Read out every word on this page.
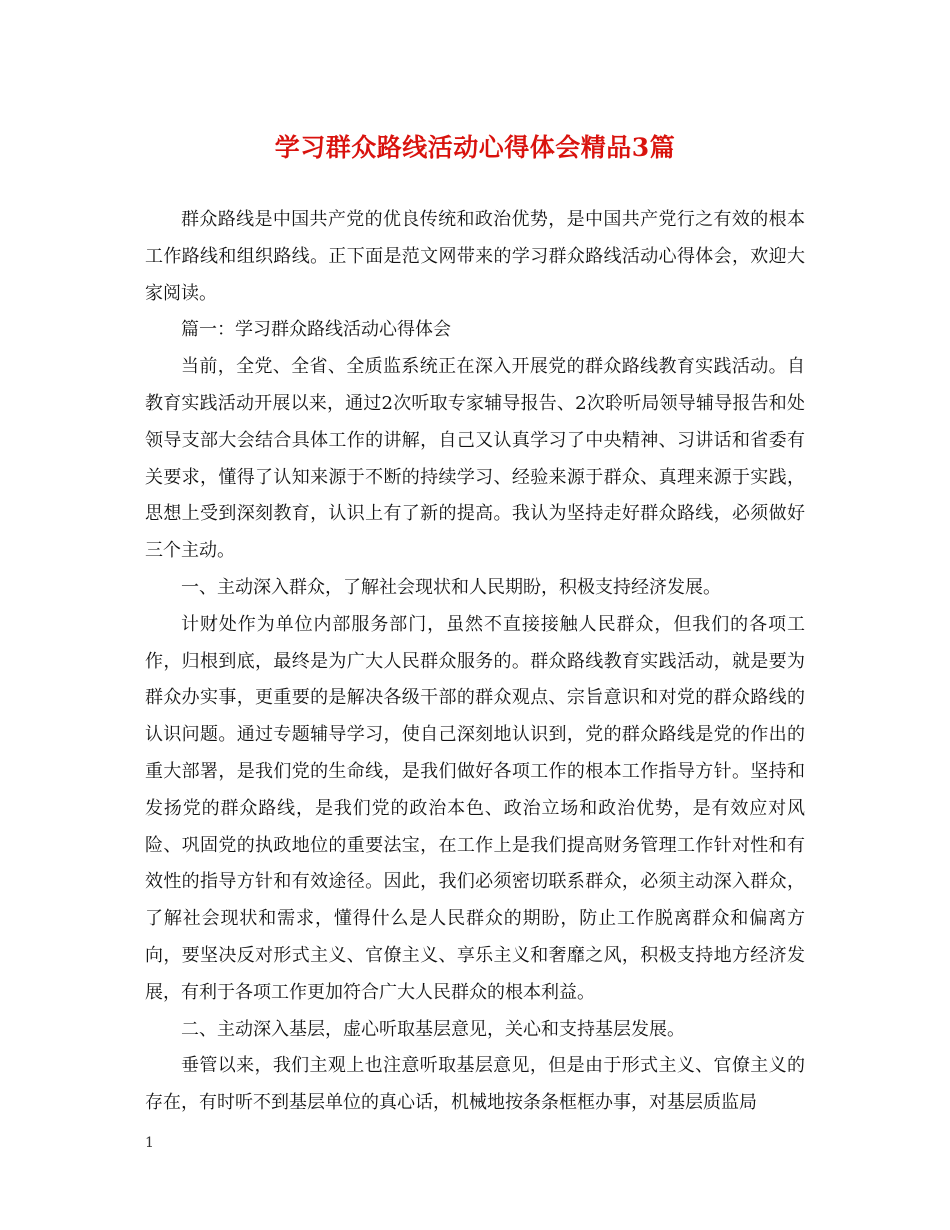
学习群众路线活动心得体会精品3篇

群众路线是中国共产党的优良传统和政治优势，是中国共产党行之有效的根本工作路线和组织路线。正下面是范文网带来的学习群众路线活动心得体会，欢迎大家阅读。

篇一：学习群众路线活动心得体会

当前，全党、全省、全质监系统正在深入开展党的群众路线教育实践活动。自教育实践活动开展以来，通过2次听取专家辅导报告、2次聆听局领导辅导报告和处领导支部大会结合具体工作的讲解，自己又认真学习了中央精神、习讲话和省委有关要求，懂得了认知来源于不断的持续学习、经验来源于群众、真理来源于实践，思想上受到深刻教育，认识上有了新的提高。我认为坚持走好群众路线，必须做好三个主动。

一、主动深入群众，了解社会现状和人民期盼，积极支持经济发展。

计财处作为单位内部服务部门，虽然不直接接触人民群众，但我们的各项工作，归根到底，最终是为广大人民群众服务的。群众路线教育实践活动，就是要为群众办实事，更重要的是解决各级干部的群众观点、宗旨意识和对党的群众路线的认识问题。通过专题辅导学习，使自己深刻地认识到，党的群众路线是党的作出的重大部署，是我们党的生命线，是我们做好各项工作的根本工作指导方针。坚持和发扬党的群众路线，是我们党的政治本色、政治立场和政治优势，是有效应对风险、巩固党的执政地位的重要法宝，在工作上是我们提高财务管理工作针对性和有效性的指导方针和有效途径。因此，我们必须密切联系群众，必须主动深入群众，了解社会现状和需求，懂得什么是人民群众的期盼，防止工作脱离群众和偏离方向，要坚决反对形式主义、官僚主义、享乐主义和奢靡之风，积极支持地方经济发展，有利于各项工作更加符合广大人民群众的根本利益。

二、主动深入基层，虚心听取基层意见，关心和支持基层发展。

垂管以来，我们主观上也注意听取基层意见，但是由于形式主义、官僚主义的存在，有时听不到基层单位的真心话，机械地按条条框框办事，对基层质监局

1
